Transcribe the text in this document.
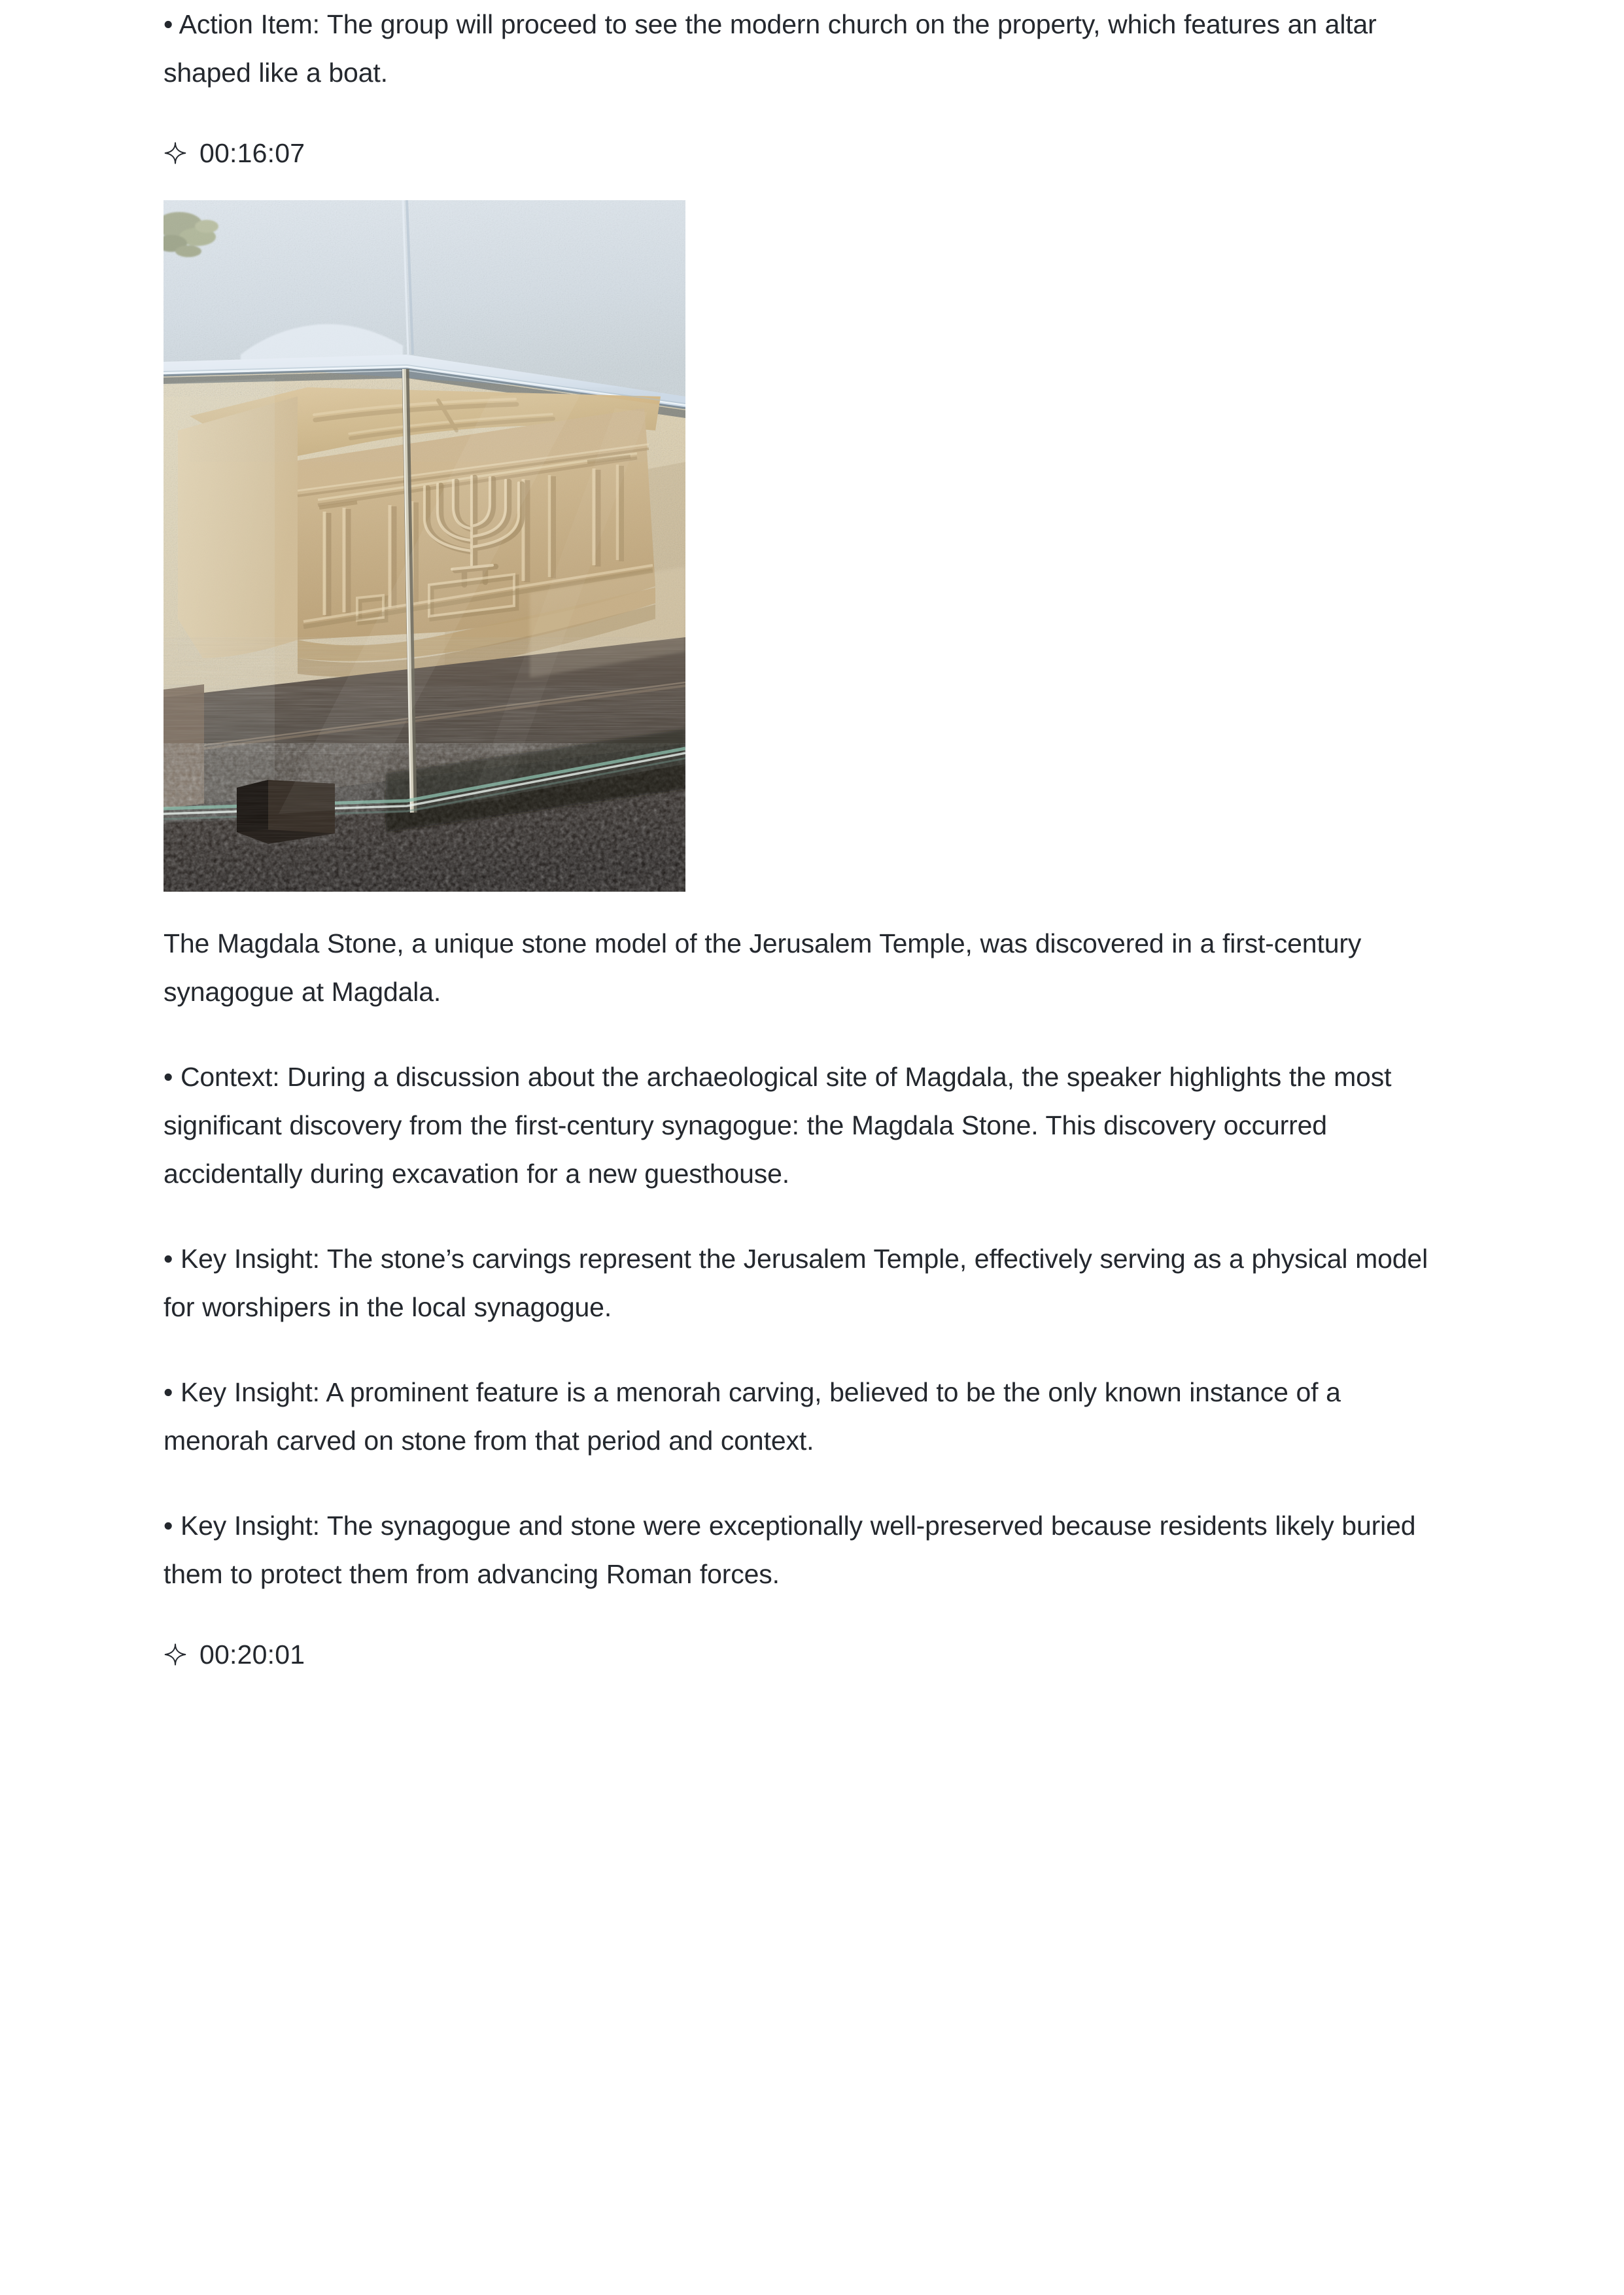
• Action Item: The group will proceed to see the modern church on the property, which features an altar shaped like a boat.

00:16:07

The Magdala Stone, a unique stone model of the Jerusalem Temple, was discovered in a first-century synagogue at Magdala.

• Context: During a discussion about the archaeological site of Magdala, the speaker highlights the most significant discovery from the first-century synagogue: the Magdala Stone. This discovery occurred accidentally during excavation for a new guesthouse.

• Key Insight: The stone’s carvings represent the Jerusalem Temple, effectively serving as a physical model for worshipers in the local synagogue.

• Key Insight: A prominent feature is a menorah carving, believed to be the only known instance of a menorah carved on stone from that period and context.

• Key Insight: The synagogue and stone were exceptionally well-preserved because residents likely buried them to protect them from advancing Roman forces.

00:20:01
